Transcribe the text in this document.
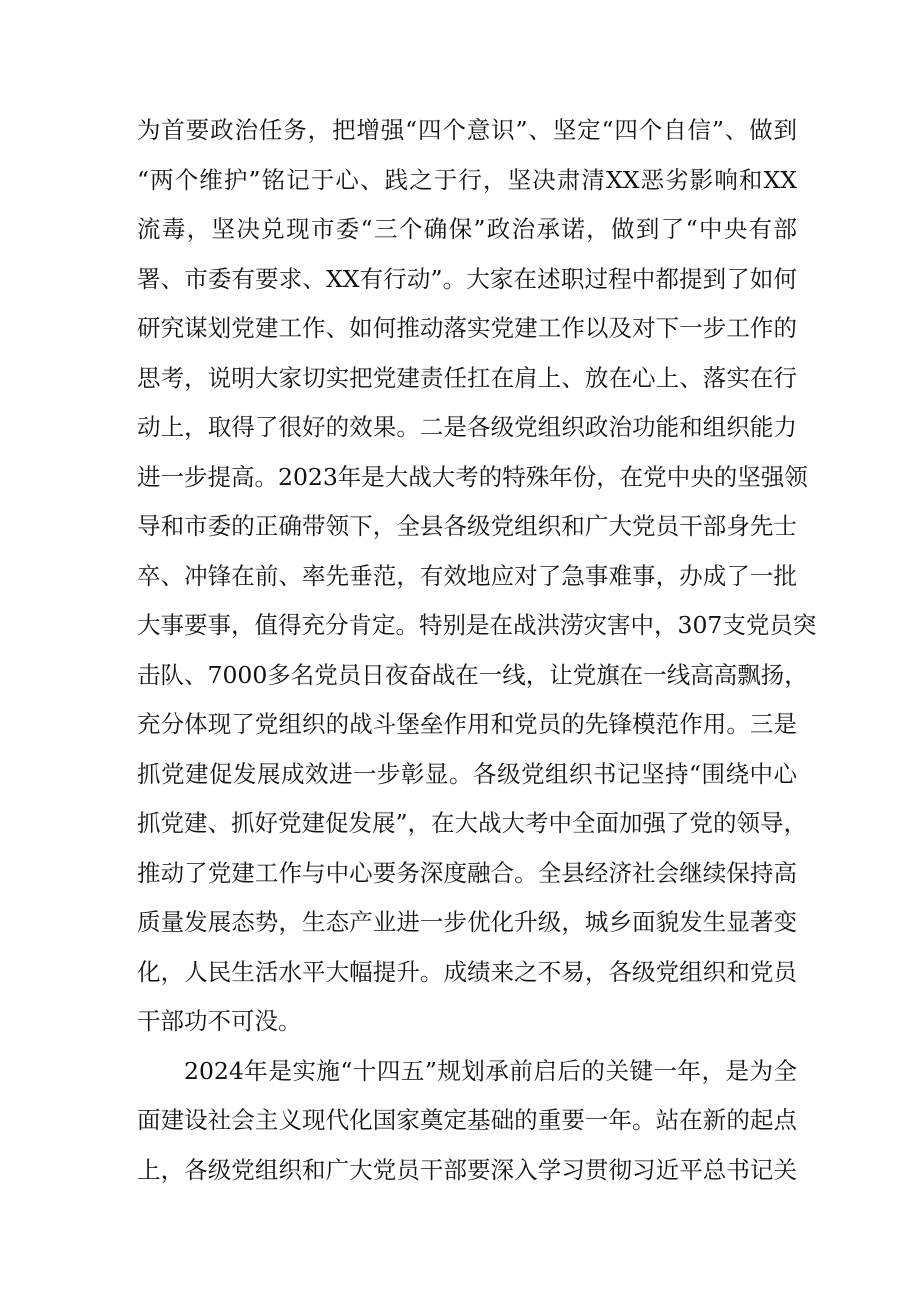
为首要政治任务，把增强“四个意识”、坚定“四个自信”、做到
“两个维护”铭记于心、践之于行，坚决肃清XX恶劣影响和XX
流毒，坚决兑现市委“三个确保”政治承诺，做到了“中央有部
署、市委有要求、XX有行动”。大家在述职过程中都提到了如何
研究谋划党建工作、如何推动落实党建工作以及对下一步工作的
思考，说明大家切实把党建责任扛在肩上、放在心上、落实在行
动上，取得了很好的效果。二是各级党组织政治功能和组织能力
进一步提高。2023年是大战大考的特殊年份，在党中央的坚强领
导和市委的正确带领下，全县各级党组织和广大党员干部身先士
卒、冲锋在前、率先垂范，有效地应对了急事难事，办成了一批
大事要事，值得充分肯定。特别是在战洪涝灾害中，307支党员突
击队、7000多名党员日夜奋战在一线，让党旗在一线高高飘扬，
充分体现了党组织的战斗堡垒作用和党员的先锋模范作用。三是
抓党建促发展成效进一步彰显。各级党组织书记坚持“围绕中心
抓党建、抓好党建促发展”，在大战大考中全面加强了党的领导，
推动了党建工作与中心要务深度融合。全县经济社会继续保持高
质量发展态势，生态产业进一步优化升级，城乡面貌发生显著变
化，人民生活水平大幅提升。成绩来之不易，各级党组织和党员
干部功不可没。
2024年是实施“十四五”规划承前启后的关键一年，是为全
面建设社会主义现代化国家奠定基础的重要一年。站在新的起点
上，各级党组织和广大党员干部要深入学习贯彻习近平总书记关
